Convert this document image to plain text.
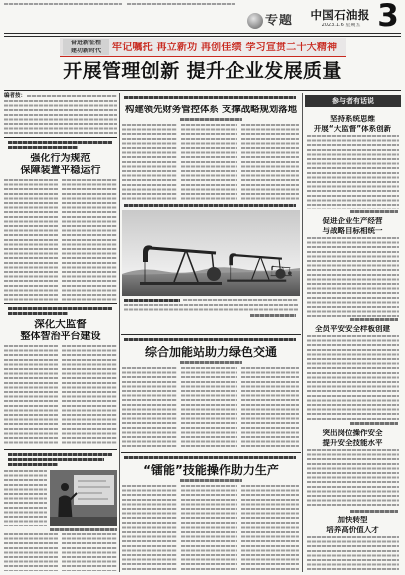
专题	中国石油报
2023.1.6 星期五 3
奋进新征程
建功新时代	牢记嘱托 再立新功 再创佳绩 学习宣贯二十大精神
开展管理创新 提升企业发展质量
编者按：
强化行为规范
保障装置平稳运行
深化大监督
整体智治平台建设
构建领先财务管控体系 支撑战略规划落地
综合加能站助力绿色交通
“镭能”技能操作助力生产
参与者有话说
坚持系统思维
开展“大监督”体系创新
促进企业生产经营
与战略目标相统一
全员平安安全样板创建
突出岗位操作安全
提升安全技能水平
加快转型
培养高价值人才
